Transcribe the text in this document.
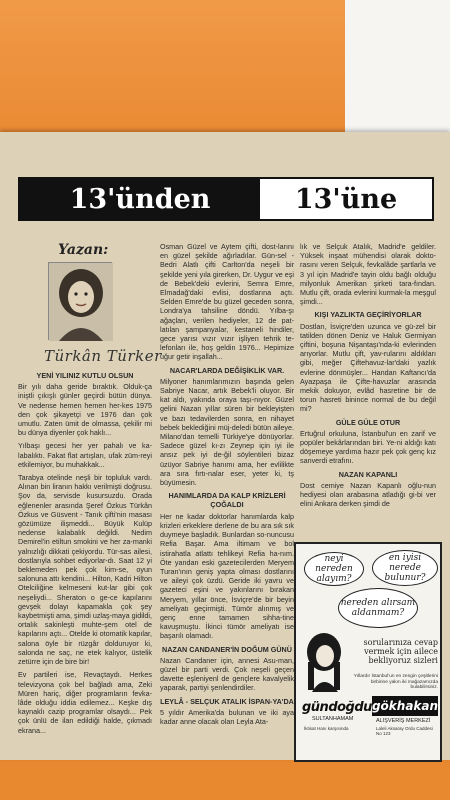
13'ünden	13'üne
Yazan:
Türkân Türker
YENİ YILINIZ KUTLU OLSUN

Bir yılı daha geride bıraktık. Olduk-ça iniştli çıkışlı günler geçirdi bütün dünya. Ve nedense hemen hemen her-kes 1975 den çok şikayetçi ve 1976 dan çok umutlu. Zaten ümit de olmassa, çekilir mi bu dünya diyenler çok haklı...

Yılbaşı gecesi her yer pahalı ve ka-labalıktı. Fakat flat artışları, ufak züm-reyi etkilemiyor, bu muhakkak...

Tarabya otelinde neşli bir topluluk vardı. Alınan bin liranın hakkı verilmişti doğrusu. Şov da, servisde kusursuzdu. Orada eğlenenler arasında Şeref Özkus Türkân Özkus ve Güsvent - Tanık çifti'nin masası gözümüze ilişmeddi... Büyük Kulüp nedense kalabalık değildi. Nedim Demirel'in etiltun smokini ve her za-manki yalnızlığı dikkati çekiyordu. Tür-sas ailesi, dostlarıyla sohbet ediyorlar-dı. Saat 12 yi beklemeden pek çok kim-se, oyun salonuna attı kendini... Hilton, Kadri Hilton Otelciliğine kelmeseni kut-lar gibi çok neşeliydi... Sheraton o ge-ce kapılarını gevşek dolayı kapamakla çok şey kaybetmişti ama, şimdi uzlaş-maya gidildi, ortalık sakinleşti muhte-şem otel de kapılarını açtı... Otelde ki otomatik kapılar, salona öyle bir rüzgâr dolduruyor ki, salonda ne saç, ne etek kalıyor, üstelik zetürre için de bire bir!

Ev partileri ise, Revaçtaydı. Herkes televizyona çok bel bağladı ama, Zeki Müren hariç, diğer programların fevka-lâde olduğu iddia edilemez... Keşke dış kaynaklı cazip programlar olsaydı... Pek çok ünlü de ilan edildiği halde, çıkmadı ekrana...

Osman Güzel ve Aytem çifti, dost-larını en güzel şekilde ağırladılar. Gün-sel - Bedri Alatlı çifti Carlton'da neşeli bir şekilde yeni yıla girerken, Dr. Uygur ve eşi de Bebek'deki evlerini, Semra Emre, Elmadağ'daki evlisi, dostlarına açtı. Selden Emre'de bu güzel geceden sonra, Londra'ya tahsiline döndü. Yılba-şı ağaçları, verilen hediyeler, 12 de pat-latılan şampanyalar, kestaneli hindiler, gece yarısı vızır vızır işliyen tehrik te-lefonları ile, hoş geldin 1976... Hepimize uğur getir inşallah...

NACAR'LARDA DEĞİŞİKLİK VAR.

Milyoner hanımlarımızın başında gelen Sabriye Nacar, artık Bebek'li oluyor. Bir kat aldı, yakında oraya taşı-nıyor. Güzel gelini Nazan yıllar süren bir bekleyişten ve bazı tedavilerden sonra, en nihayet bebek beklediğini müj-deledi bütün aileye. Milano'dan temelli Türkiye'ye dönüyorlar. Sadece güzel kı-zı Zeynep için iyi ile ansız pek iyi de-ğil söylentileri bizaz üzüyor Sabriye hanımı ama, her evlilikte ara sıra fırtı-nalar eser, yeter ki, tş büyümesin.

HANIMLARDA DA KALP KRİZLERİ ÇOĞALDI

Her ne kadar doktorlar hanımlarda kalp krizleri erkeklere derlene de bu ara sık sık duymeye başladık. Bunlardan so-nuncusu Refia Başar. Ama iltimam ve bol istirahatla atlattı tehlikeyi Refia ha-nım. Öte yandan eski gazetecilerden Meryem Turan'ının geniş yapta olması dostlarını ve aileyi çok üzdü. Geride iki yavru ve gazeteci eşini ve yakınlarını bırakan Meryem, yıllar önce, İsviçre'de bir beyin ameliyatı geçirmişti. Tümör alınmış ve genç enne tamamen sihha-tine kavuşmuştu. İkinci tümör ameliyatı ise başarılı olamadı.

NAZAN CANDANER'İN DOĞUM GÜNÜ

Nazan Candaner için, annesi Asu-man, güzel bir parti verdi. Çok neşeli geçen davette eşleniyenl de gençlere kavalyelik yaparak, partiyi şenlendirdiler.

LEYLÂ - SELÇUK ATALIK İSPAN-YA'DA

5 yıldır Amerika'da bulunan ve iki aya kadar anne olacak olan Leyla Ata-

lık ve Selçuk Atalık, Madrid'e geldiler. Yüksek inşaat mühendisi olarak dokto-rasını veren Selçuk, fevkalâde şartlarla ve 3 yıl için Madrid'e tayin oldu bağlı olduğu milyonluk Amerikan şirketi tara-fından. Mutlu çift, orada evlerini kurmak-la meşgul şimdi...

KIŞI YAZLIKTA GEÇİRİYORLAR

Dostları, İsviçre'den uzunca ve gü-zel bir tatilden dönen Deniz ve Haluk Germiyan çiftini, boşuna Nişantaşı'nda-ki evlerinden arıyorlar. Mutlu çift, yav-rularını aldıkları gibi, meğer Çiftehavuz-lar'daki yazlık evlerine dönmüşler... Handan Kaftancı'da Ayazpaşa ile Çifte-havuzlar arasında mekik dokuyor, evlâd hasretine bir de torun hasreti binince normal de bu değil mi?

GÜLE GÜLE OTUR

Ertuğrul orkuluna, İstanbul'un en zarif ve popüler bekârlarından biri. Ye-ni aldığı katı döşemeye yardıma hazır pek çok genç kız sanverdi etrafını.

NAZAN KAPANLI

Dost cemiye Nazan Kapanlı oğlu-nun hediyesi olan arabasına atladığı gi-bi ver elini Ankara derken şimdi de

neyi nereden alayım?
en iyisi nerede bulunur?
nereden alırsam aldanmam?
sorularınıza cevap vermek için ailece bekliyoruz sizleri
Yıllardır İstanbul'un en zengin çeşitlerini birbirine yakın iki mağazamızda bulabilirsiniz.
gündoğdu gökhakan
SULTANHAMAM	ALIŞVERİŞ MERKEZİ
İktisat Hanı karşısında	Laleli Aksaray Ordu Caddesi No 123
